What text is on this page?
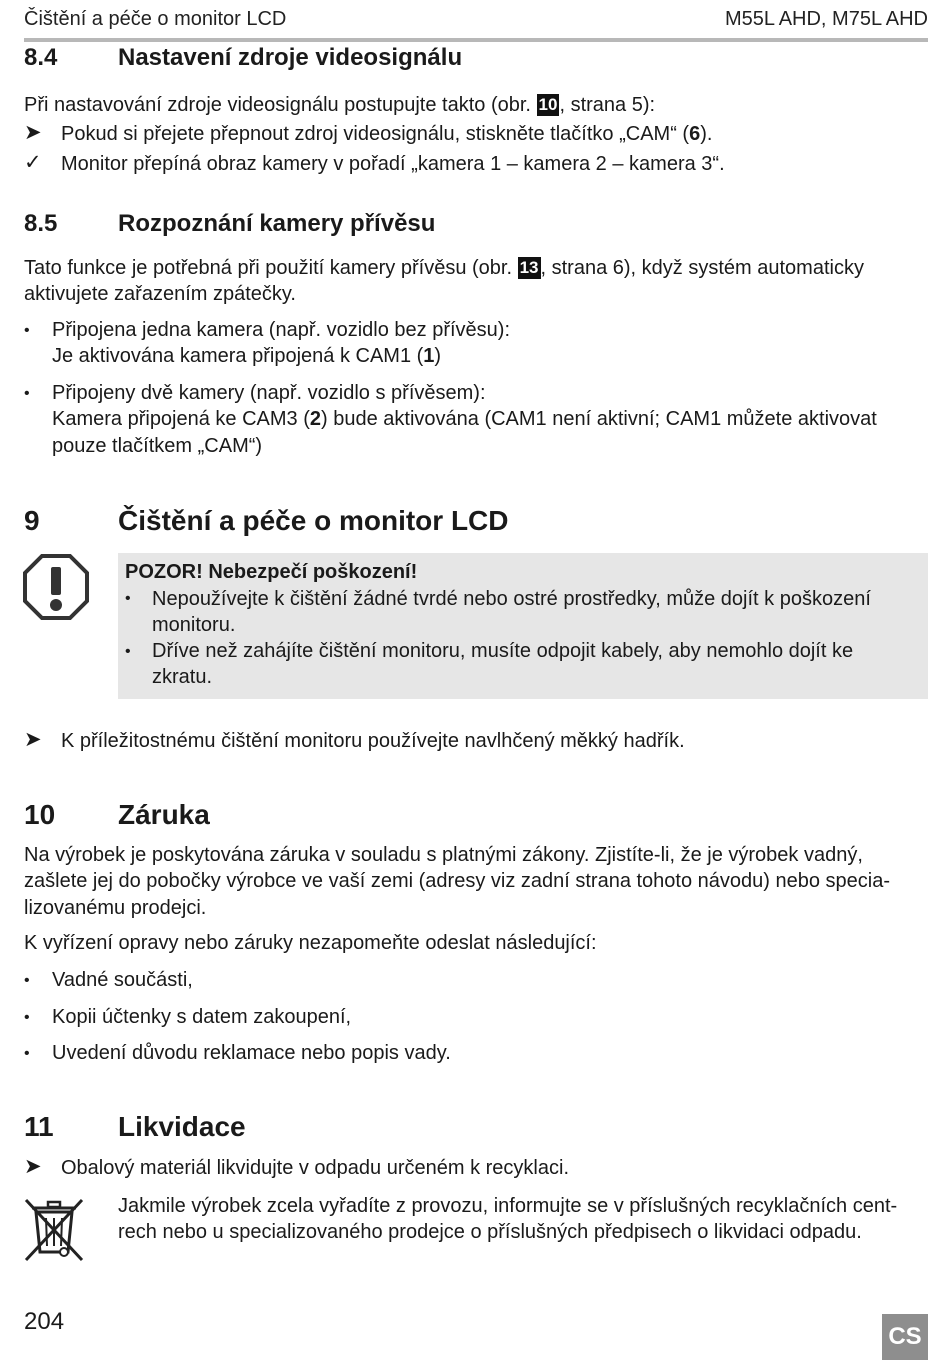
Čištění a péče o monitor LCD	M55L AHD, M75L AHD
8.4	Nastavení zdroje videosignálu
Při nastavování zdroje videosignálu postupujte takto (obr. 10 , strana 5):
➤ Pokud si přejete přepnout zdroj videosignálu, stiskněte tlačítko „CAM“ (6).
✓ Monitor přepíná obraz kamery v pořadí „kamera 1 – kamera 2 – kamera 3“.
8.5	Rozpoznání kamery přívěsu
Tato funkce je potřebná při použití kamery přívěsu (obr. 13 , strana 6), když systém automaticky
aktivujete zařazením zpátečky.
• Připojena jedna kamera (např. vozidlo bez přívěsu):
Je aktivována kamera připojená k CAM1 (1)
• Připojeny dvě kamery (např. vozidlo s přívěsem):
Kamera připojená ke CAM3 (2) bude aktivována (CAM1 není aktivní; CAM1 můžete aktivovat
pouze tlačítkem „CAM“)
9	Čištění a péče o monitor LCD
POZOR! Nebezpečí poškození!
• Nepoužívejte k čištění žádné tvrdé nebo ostré prostředky, může dojít k poškození
monitoru.
• Dříve než zahájíte čištění monitoru, musíte odpojit kabely, aby nemohlo dojít ke
zkratu.
➤ K příležitostnému čištění monitoru používejte navlhčený měkký hadřík.
10 Záruka
Na výrobek je poskytována záruka v souladu s platnými zákony. Zjistíte-li, že je výrobek vadný,
zašlete jej do pobočky výrobce ve vaší zemi (adresy viz zadní strana tohoto návodu) nebo specia-
lizovanému prodejci.
K vyřízení opravy nebo záruky nezapomeňte odeslat následující:
• Vadné součásti,
• Kopii účtenky s datem zakoupení,
• Uvedení důvodu reklamace nebo popis vady.
11 Likvidace
➤ Obalový materiál likvidujte v odpadu určeném k recyklaci.
Jakmile výrobek zcela vyřadíte z provozu, informujte se v příslušných recyklačních cent-
rech nebo u specializovaného prodejce o příslušných předpisech o likvidaci odpadu.
204
CS
